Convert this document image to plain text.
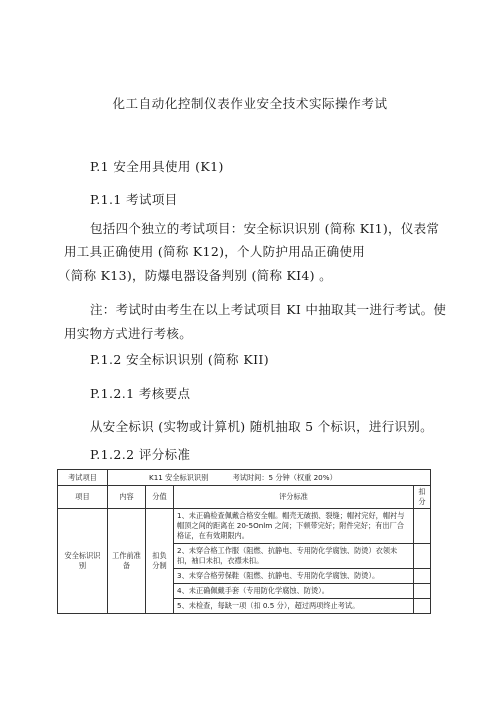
化工自动化控制仪表作业安全技术实际操作考试
P.1 安全用具使用 (K1)
P.1.1 考试项目
包括四个独立的考试项目：安全标识识别 (简称 KI1)，仪表常
用工具正确使用 (简称 K12)，个人防护用品正确使用
（简称 K13)，防爆电器设备判别 (简称 KI4) 。
注：考试时由考生在以上考试项目 KI 中抽取其一进行考试。使
用实物方式进行考核。
P.1.2 安全标识识别 (简称 KII)
P.1.2.1 考核要点
从安全标识 (实物或计算机) 随机抽取 5 个标识，进行识别。
P.1.2.2 评分标准
考试项目	K11 安全标识识别 考试时间：5 分钟（权重 20%）			
项目	内容	分值	评分标准	扣分
安全标识识别	工作前准备	扣负分制	1、未正确检查佩戴合格安全帽。帽壳无破损、裂缝；帽衬完好，帽衬与帽顶之间的距离在 20-5Onlm 之间；下顿带完好；附件完好；有出厂合格证，在有效期限内。	
			2、未穿合格工作服（阻燃、抗静电、专用防化学腐蚀、防烫）衣领未扣，袖口未扣，衣襟未扣。	
			3、未穿合格劳保鞋（阻燃、抗静电、专用防化学腐蚀、防烫）。	
			4、未正确佩戴手套（专用防化学腐蚀、防烫）。	
			5、未检查，每缺一项（扣 0.5 分），超过两项终止考试。	
